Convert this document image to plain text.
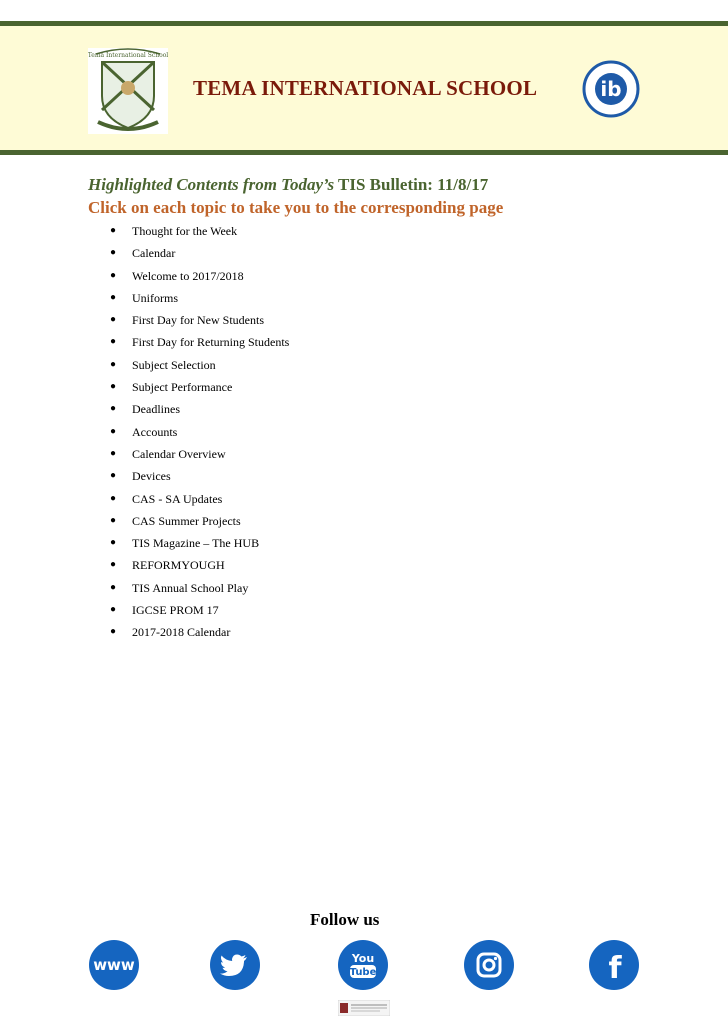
Tema International School
TEMA INTERNATIONAL SCHOOL	ib
Highlighted Contents from Today’s TIS Bulletin: 11/8/17
Click on each topic to take you to the corresponding page
● Thought for the Week
● Calendar
● Welcome to 2017/2018
● Uniforms
● First Day for New Students
● First Day for Returning Students
● Subject Selection
● Subject Performance
● Deadlines
● Accounts
● Calendar Overview
● Devices
● CAS - SA Updates
● CAS Summer Projects
● TIS Magazine – The HUB
● REFORMYOUGH
● TIS Annual School Play
● IGCSE PROM 17
● 2017-2018 Calendar
Follow us
www	You
Tube	f
